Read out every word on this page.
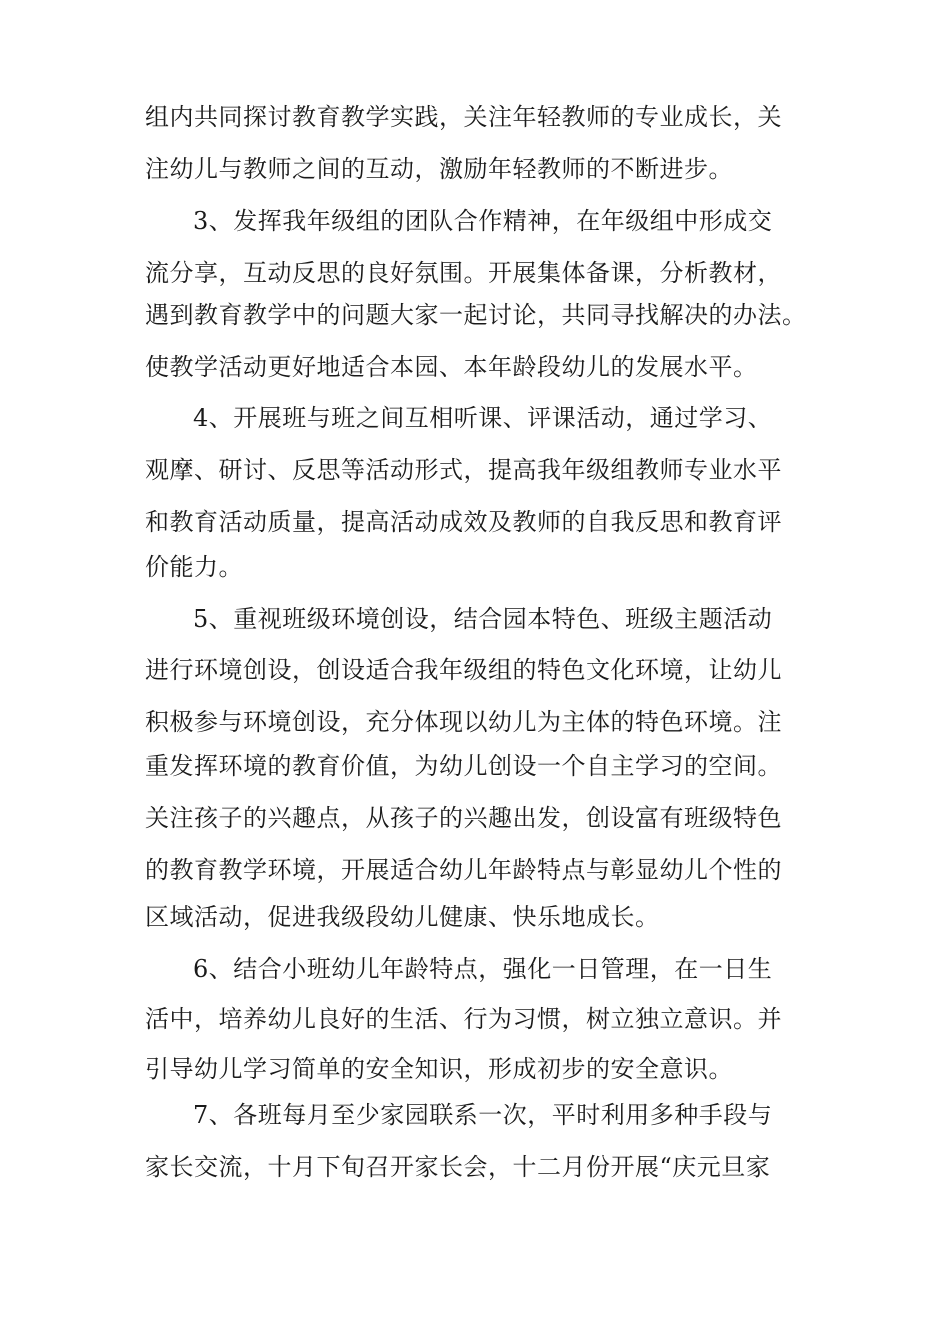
组内共同探讨教育教学实践，关注年轻教师的专业成长，关
注幼儿与教师之间的互动，激励年轻教师的不断进步。
3、发挥我年级组的团队合作精神，在年级组中形成交
流分享，互动反思的良好氛围。开展集体备课，分析教材，
遇到教育教学中的问题大家一起讨论，共同寻找解决的办法。
使教学活动更好地适合本园、本年龄段幼儿的发展水平。
4、开展班与班之间互相听课、评课活动，通过学习、
观摩、研讨、反思等活动形式，提高我年级组教师专业水平
和教育活动质量，提高活动成效及教师的自我反思和教育评
价能力。
5、重视班级环境创设，结合园本特色、班级主题活动
进行环境创设，创设适合我年级组的特色文化环境，让幼儿
积极参与环境创设，充分体现以幼儿为主体的特色环境。注
重发挥环境的教育价值，为幼儿创设一个自主学习的空间。
关注孩子的兴趣点，从孩子的兴趣出发，创设富有班级特色
的教育教学环境，开展适合幼儿年龄特点与彰显幼儿个性的
区域活动，促进我级段幼儿健康、快乐地成长。
6、结合小班幼儿年龄特点，强化一日管理，在一日生
活中，培养幼儿良好的生活、行为习惯，树立独立意识。并
引导幼儿学习简单的安全知识，形成初步的安全意识。
7、各班每月至少家园联系一次，平时利用多种手段与
家长交流，十月下旬召开家长会，十二月份开展“庆元旦家
